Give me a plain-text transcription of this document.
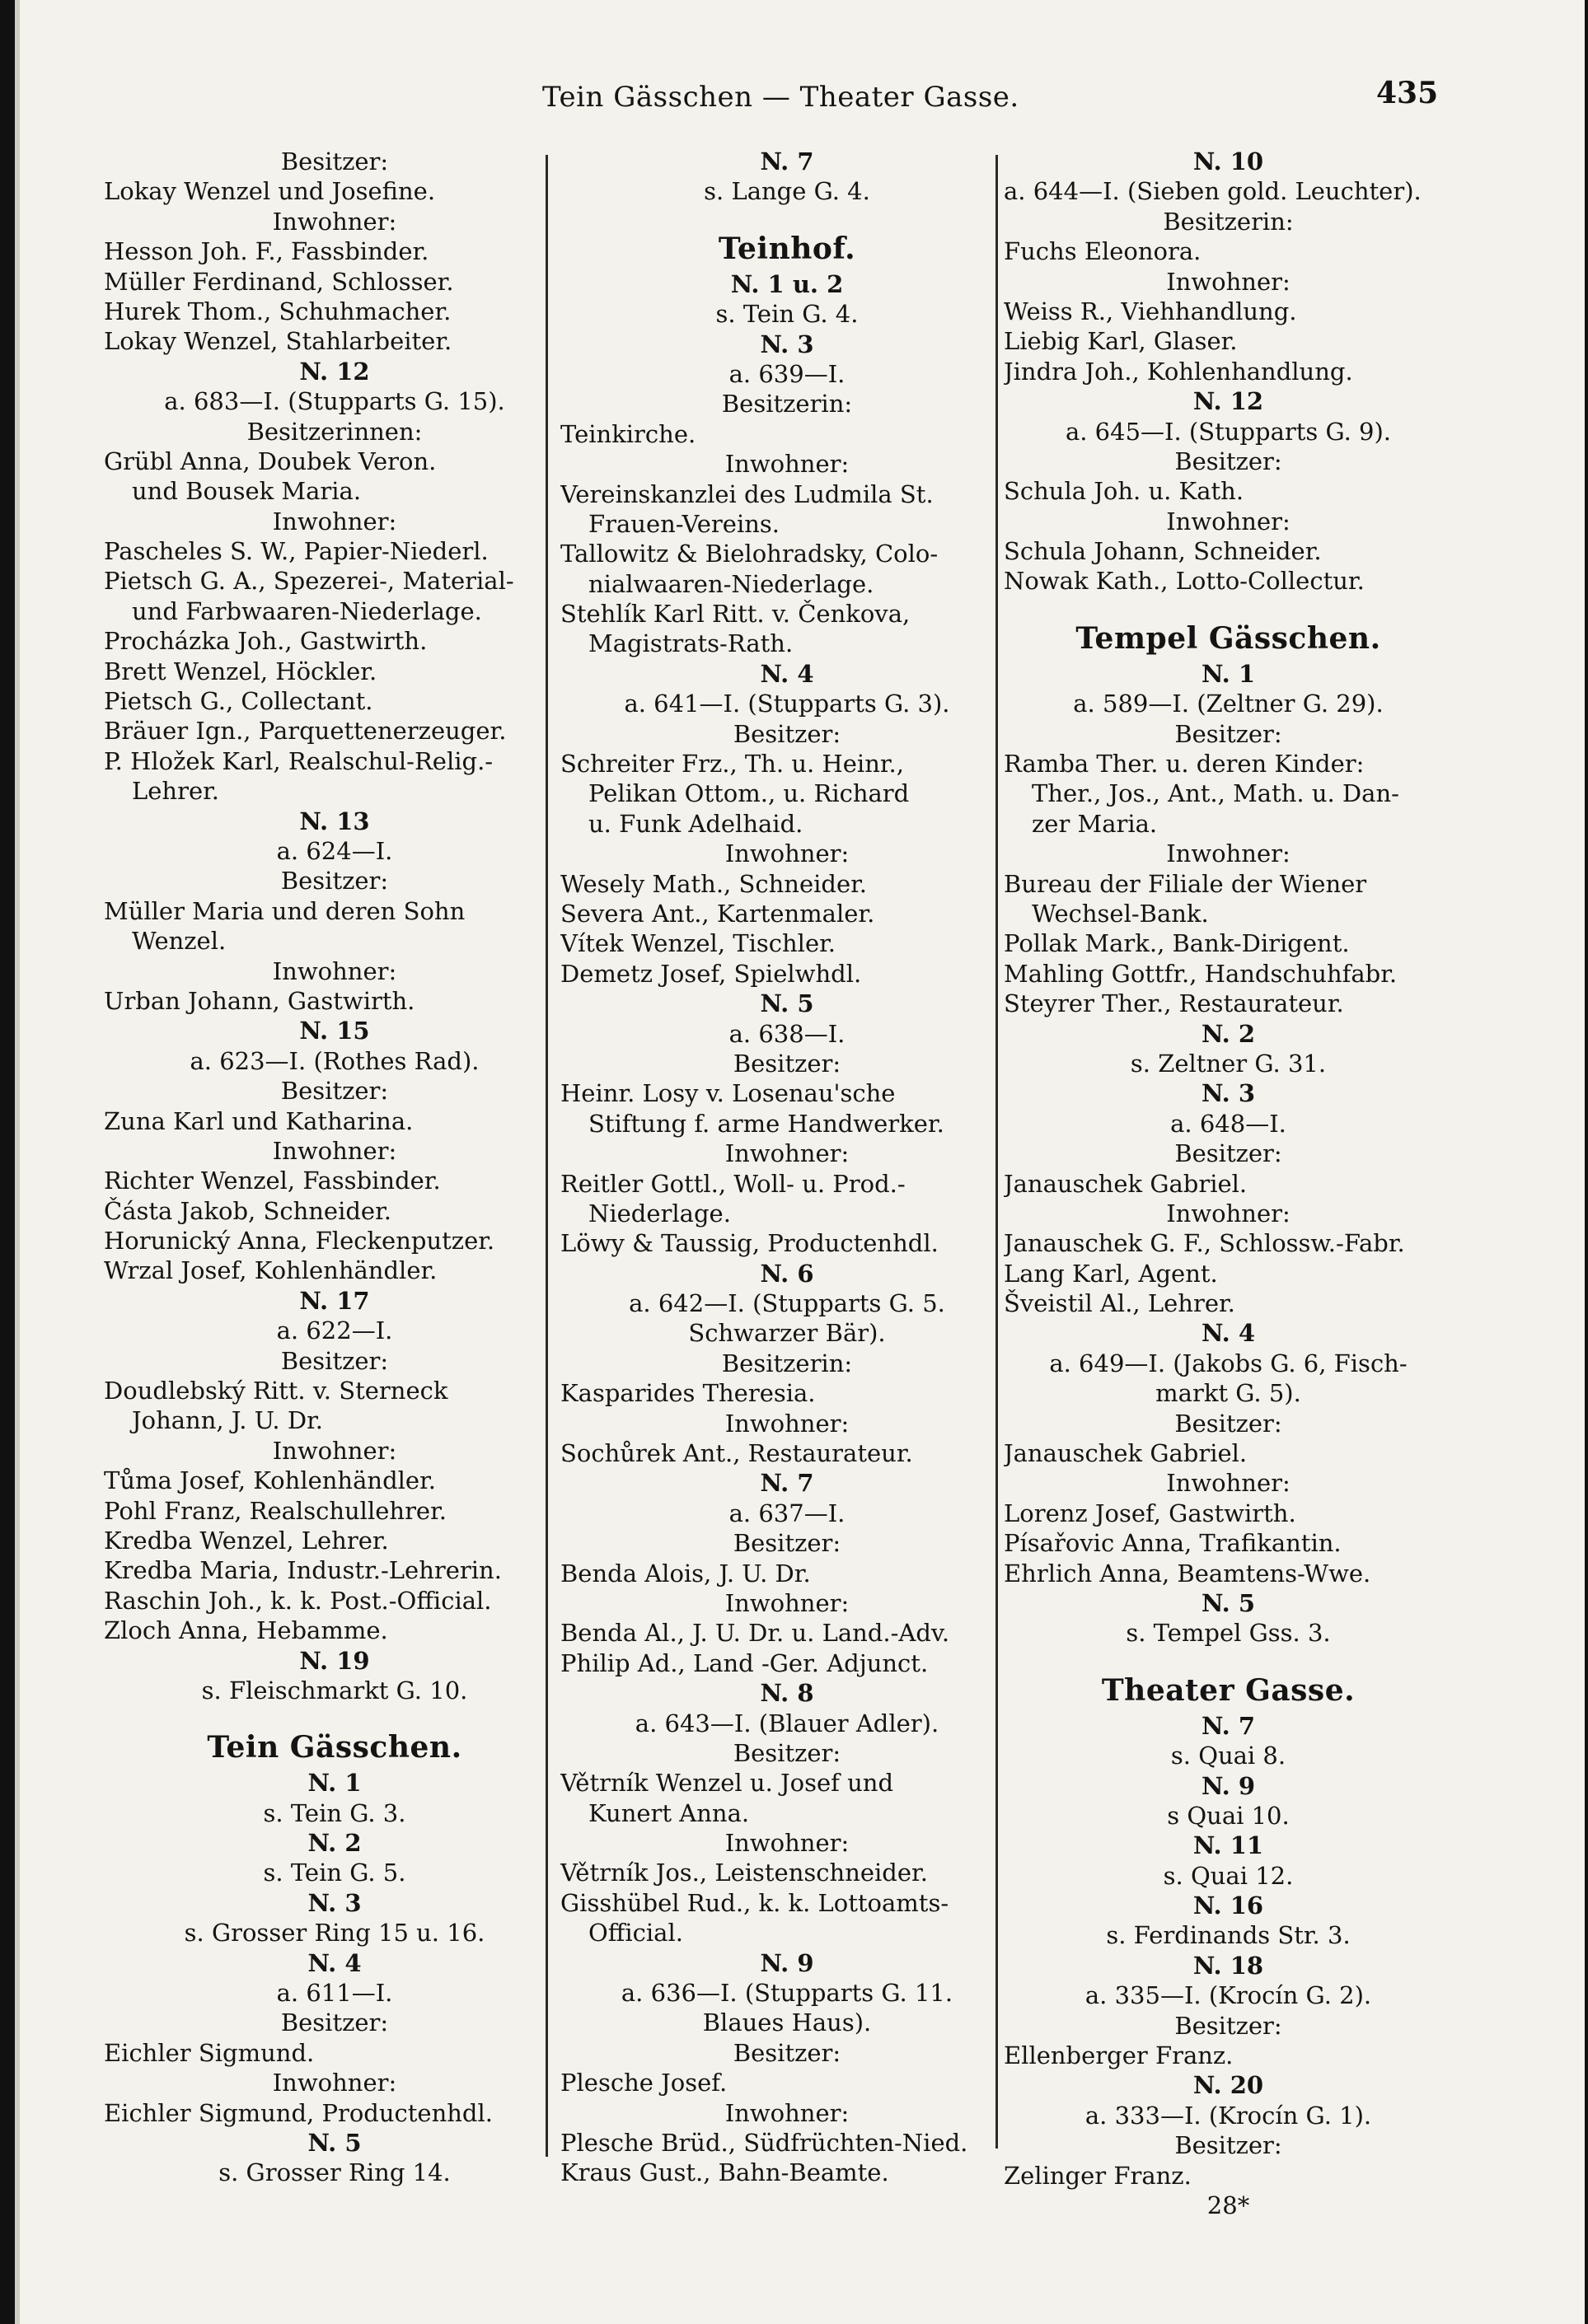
Tein Gässchen — Theater Gasse.	435
Besitzer:
Lokay Wenzel und Josefine.
Inwohner:
Hesson Joh. F., Fassbinder.
Müller Ferdinand, Schlosser.
Hurek Thom., Schuhmacher.
Lokay Wenzel, Stahlarbeiter.
N. 12
a. 683—I. (Stupparts G. 15).
Besitzerinnen:
Grübl Anna, Doubek Veron.
und Bousek Maria.
Inwohner:
Pascheles S. W., Papier-Niederl.
Pietsch G. A., Spezerei-, Material-
und Farbwaaren-Niederlage.
Procházka Joh., Gastwirth.
Brett Wenzel, Höckler.
Pietsch G., Collectant.
Bräuer Ign., Parquettenerzeuger.
P. Hložek Karl, Realschul-Relig.-
Lehrer.
N. 13
a. 624—I.
Besitzer:
Müller Maria und deren Sohn
Wenzel.
Inwohner:
Urban Johann, Gastwirth.
N. 15
a. 623—I. (Rothes Rad).
Besitzer:
Zuna Karl und Katharina.
Inwohner:
Richter Wenzel, Fassbinder.
Částa Jakob, Schneider.
Horunický Anna, Fleckenputzer.
Wrzal Josef, Kohlenhändler.
N. 17
a. 622—I.
Besitzer:
Doudlebský Ritt. v. Sterneck
Johann, J. U. Dr.
Inwohner:
Tůma Josef, Kohlenhändler.
Pohl Franz, Realschullehrer.
Kredba Wenzel, Lehrer.
Kredba Maria, Industr.-Lehrerin.
Raschin Joh., k. k. Post.-Official.
Zloch Anna, Hebamme.
N. 19
s. Fleischmarkt G. 10.
Tein Gässchen.
N. 1
s. Tein G. 3.
N. 2
s. Tein G. 5.
N. 3
s. Grosser Ring 15 u. 16.
N. 4
a. 611—I.
Besitzer:
Eichler Sigmund.
Inwohner:
Eichler Sigmund, Productenhdl.
N. 5
s. Grosser Ring 14.
N. 7
s. Lange G. 4.
Teinhof.
N. 1 u. 2
s. Tein G. 4.
N. 3
a. 639—I.
Besitzerin:
Teinkirche.
Inwohner:
Vereinskanzlei des Ludmila St.
Frauen-Vereins.
Tallowitz & Bielohradsky, Colo-
nialwaaren-Niederlage.
Stehlík Karl Ritt. v. Čenkova,
Magistrats-Rath.
N. 4
a. 641—I. (Stupparts G. 3).
Besitzer:
Schreiter Frz., Th. u. Heinr.,
Pelikan Ottom., u. Richard
u. Funk Adelhaid.
Inwohner:
Wesely Math., Schneider.
Severa Ant., Kartenmaler.
Vítek Wenzel, Tischler.
Demetz Josef, Spielwhdl.
N. 5
a. 638—I.
Besitzer:
Heinr. Losy v. Losenau'sche
Stiftung f. arme Handwerker.
Inwohner:
Reitler Gottl., Woll- u. Prod.-
Niederlage.
Löwy & Taussig, Productenhdl.
N. 6
a. 642—I. (Stupparts G. 5.
Schwarzer Bär).
Besitzerin:
Kasparides Theresia.
Inwohner:
Sochůrek Ant., Restaurateur.
N. 7
a. 637—I.
Besitzer:
Benda Alois, J. U. Dr.
Inwohner:
Benda Al., J. U. Dr. u. Land.-Adv.
Philip Ad., Land -Ger. Adjunct.
N. 8
a. 643—I. (Blauer Adler).
Besitzer:
Větrník Wenzel u. Josef und
Kunert Anna.
Inwohner:
Větrník Jos., Leistenschneider.
Gisshübel Rud., k. k. Lottoamts-
Official.
N. 9
a. 636—I. (Stupparts G. 11.
Blaues Haus).
Besitzer:
Plesche Josef.
Inwohner:
Plesche Brüd., Südfrüchten-Nied.
Kraus Gust., Bahn-Beamte.
N. 10
a. 644—I. (Sieben gold. Leuchter).
Besitzerin:
Fuchs Eleonora.
Inwohner:
Weiss R., Viehhandlung.
Liebig Karl, Glaser.
Jindra Joh., Kohlenhandlung.
N. 12
a. 645—I. (Stupparts G. 9).
Besitzer:
Schula Joh. u. Kath.
Inwohner:
Schula Johann, Schneider.
Nowak Kath., Lotto-Collectur.
Tempel Gässchen.
N. 1
a. 589—I. (Zeltner G. 29).
Besitzer:
Ramba Ther. u. deren Kinder:
Ther., Jos., Ant., Math. u. Dan-
zer Maria.
Inwohner:
Bureau der Filiale der Wiener
Wechsel-Bank.
Pollak Mark., Bank-Dirigent.
Mahling Gottfr., Handschuhfabr.
Steyrer Ther., Restaurateur.
N. 2
s. Zeltner G. 31.
N. 3
a. 648—I.
Besitzer:
Janauschek Gabriel.
Inwohner:
Janauschek G. F., Schlossw.-Fabr.
Lang Karl, Agent.
Šveistil Al., Lehrer.
N. 4
a. 649—I. (Jakobs G. 6, Fisch-
markt G. 5).
Besitzer:
Janauschek Gabriel.
Inwohner:
Lorenz Josef, Gastwirth.
Písařovic Anna, Trafikantin.
Ehrlich Anna, Beamtens-Wwe.
N. 5
s. Tempel Gss. 3.
Theater Gasse.
N. 7
s. Quai 8.
N. 9
s Quai 10.
N. 11
s. Quai 12.
N. 16
s. Ferdinands Str. 3.
N. 18
a. 335—I. (Krocín G. 2).
Besitzer:
Ellenberger Franz.
N. 20
a. 333—I. (Krocín G. 1).
Besitzer:
Zelinger Franz.
28*
